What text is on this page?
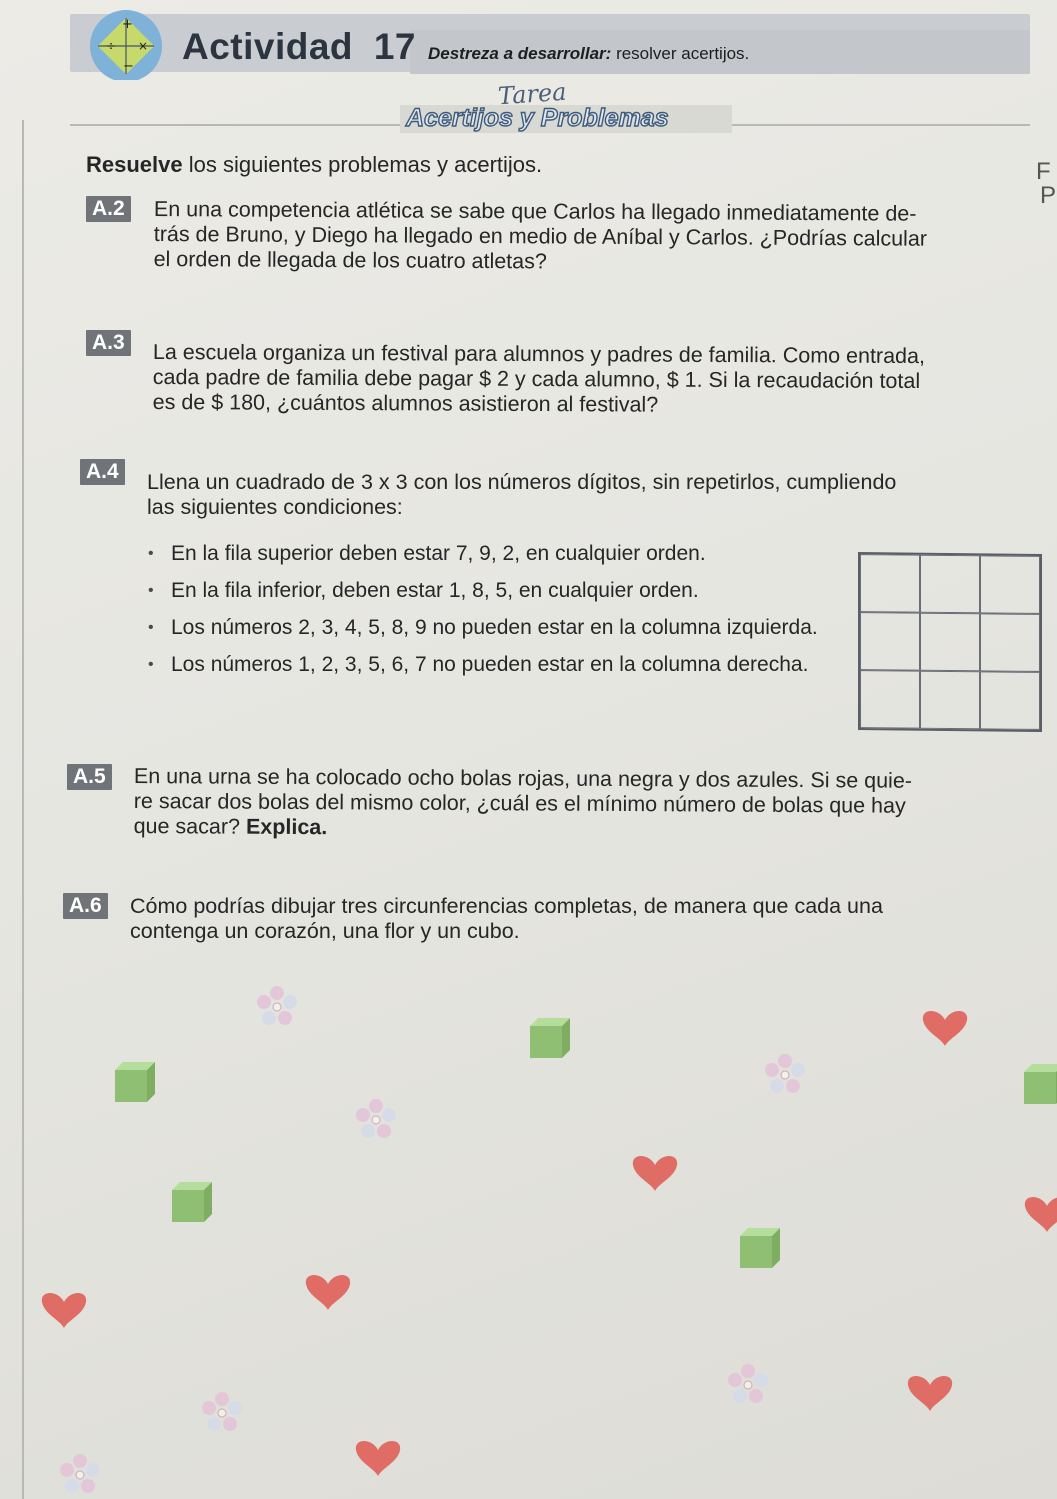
+
÷ ×
− Actividad 17 Destreza a desarrollar: resolver acertijos.
Tarea
Acertijos y Problemas
F
P
Resuelve los siguientes problemas y acertijos.
A.2 En una competencia atlética se sabe que Carlos ha llegado inmediatamente de-
trás de Bruno, y Diego ha llegado en medio de Aníbal y Carlos. ¿Podrías calcular
el orden de llegada de los cuatro atletas?
A.3 La escuela organiza un festival para alumnos y padres de familia. Como entrada,
cada padre de familia debe pagar $ 2 y cada alumno, $ 1. Si la recaudación total
es de $ 180, ¿cuántos alumnos asistieron al festival?
A.4 Llena un cuadrado de 3 x 3 con los números dígitos, sin repetirlos, cumpliendo
las siguientes condiciones:
• En la fila superior deben estar 7, 9, 2, en cualquier orden.
• En la fila inferior, deben estar 1, 8, 5, en cualquier orden.
• Los números 2, 3, 4, 5, 8, 9 no pueden estar en la columna izquierda.
• Los números 1, 2, 3, 5, 6, 7 no pueden estar en la columna derecha.
A.5 En una urna se ha colocado ocho bolas rojas, una negra y dos azules. Si se quie-
re sacar dos bolas del mismo color, ¿cuál es el mínimo número de bolas que hay
que sacar? Explica.
A.6 Cómo podrías dibujar tres circunferencias completas, de manera que cada una
contenga un corazón, una flor y un cubo.
